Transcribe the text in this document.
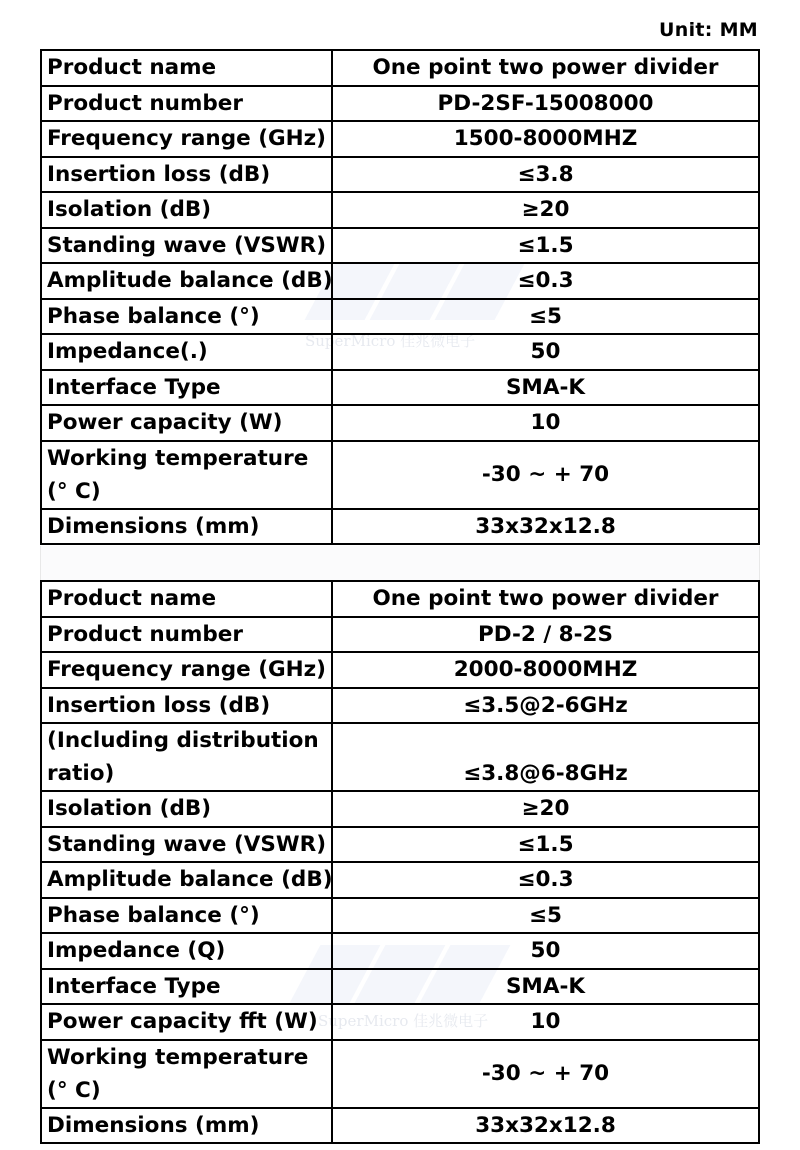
Unit: MM
SuperMicro 佳兆微电子
Product name	One point two power divider
Product number	PD-2SF-15008000
Frequency range (GHz)	1500-8000MHZ
Insertion loss (dB)	≤3.8
Isolation (dB)	≥20
Standing wave (VSWR)	≤1.5
Amplitude balance (dB)	≤0.3
Phase balance (°)	≤5
Impedance(.)	50
Interface Type	SMA-K
Power capacity (W)	10
Working temperature (° C)	-30 ~ + 70
Dimensions (mm)	33x32x12.8
SuperMicro 佳兆微电子
Product name	One point two power divider
Product number	PD-2 / 8-2S
Frequency range (GHz)	2000-8000MHZ
Insertion loss (dB)	≤3.5@2-6GHz
(Including distribution ratio)	≤3.8@6-8GHz
Isolation (dB)	≥20
Standing wave (VSWR)	≤1.5
Amplitude balance (dB)	≤0.3
Phase balance (°)	≤5
Impedance (Q)	50
Interface Type	SMA-K
Power capacity fft (W)	10
Working temperature (° C)	-30 ~ + 70
Dimensions (mm)	33x32x12.8
